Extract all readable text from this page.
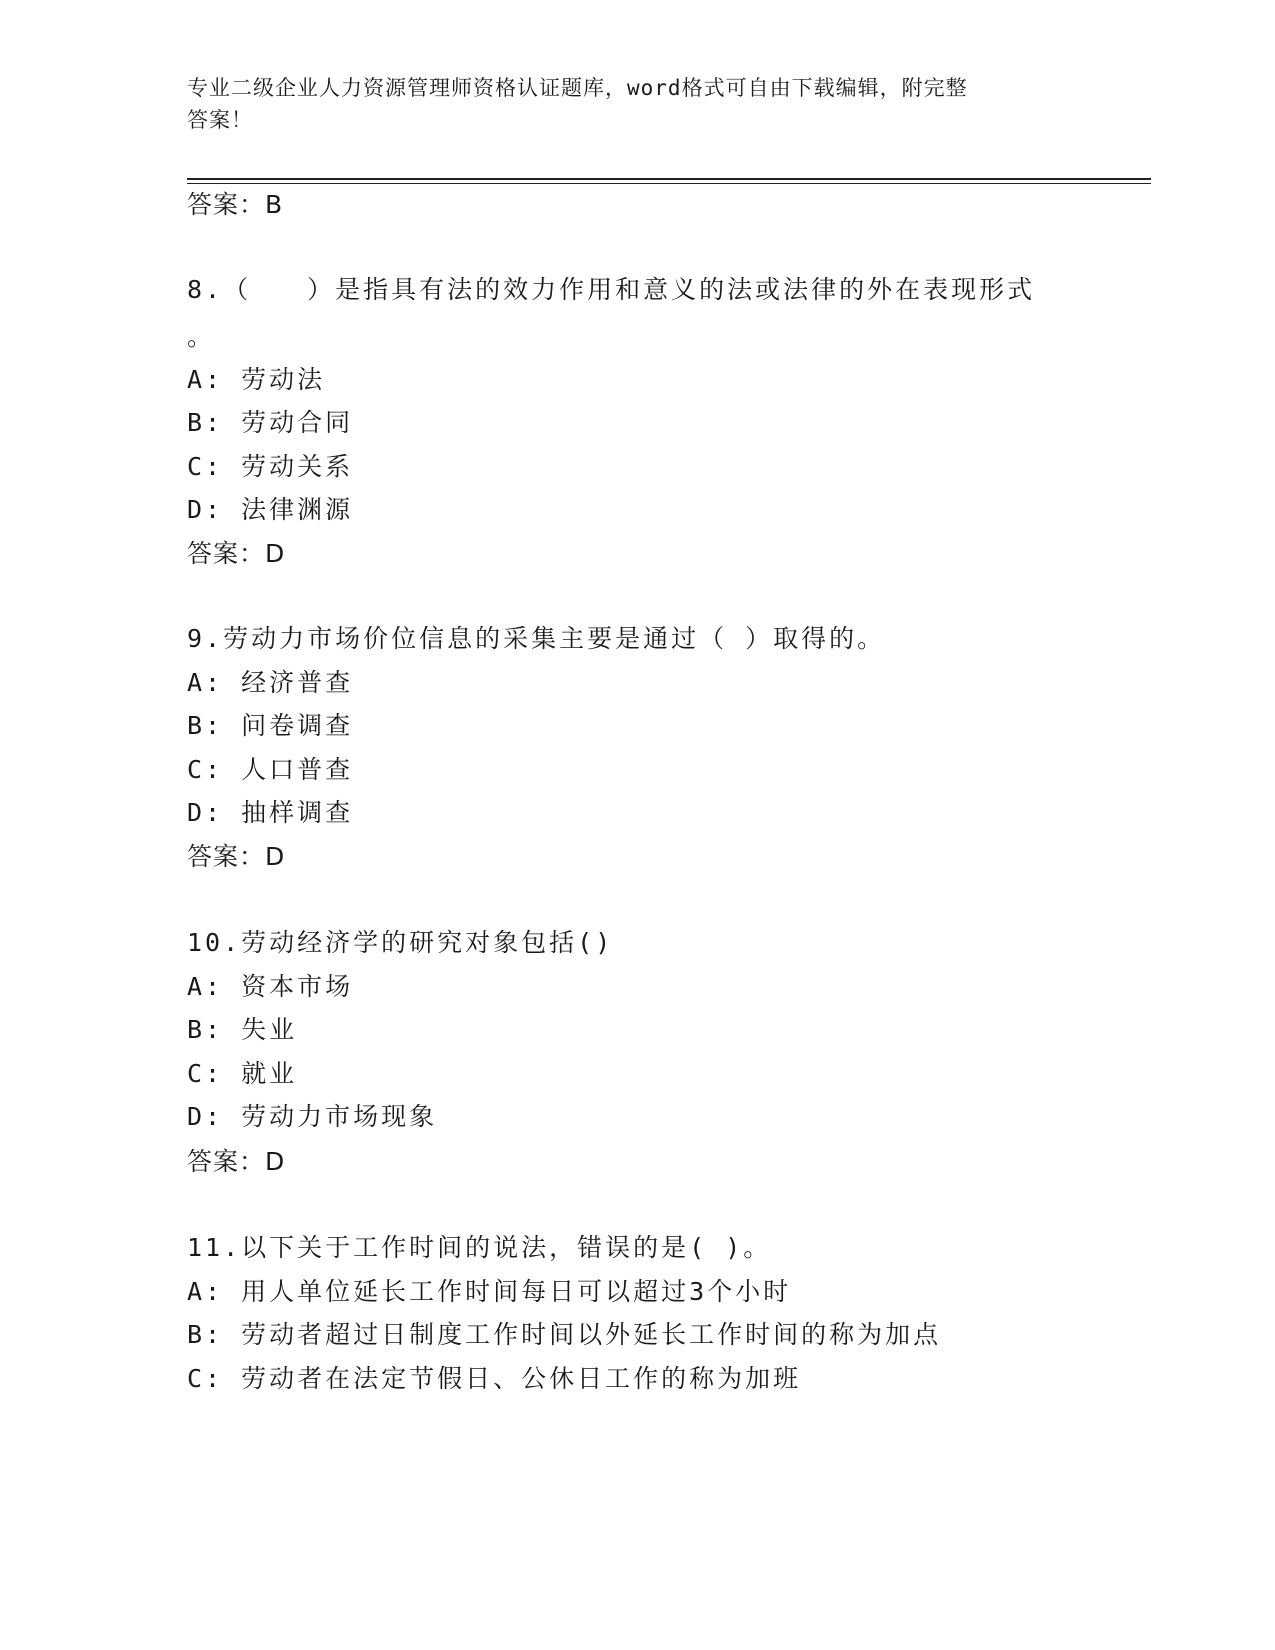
专业二级企业人力资源管理师资格认证题库，word格式可自由下载编辑，附完整
答案！
答案：B
8.（　　）是指具有法的效力作用和意义的法或法律的外在表现形式
。
A: 劳动法
B: 劳动合同
C: 劳动关系
D: 法律渊源
答案：D
9.劳动力市场价位信息的采集主要是通过（ ）取得的。
A: 经济普查
B: 问卷调查
C: 人口普查
D: 抽样调查
答案：D
10.劳动经济学的研究对象包括()
A: 资本市场
B: 失业
C: 就业
D: 劳动力市场现象
答案：D
11.以下关于工作时间的说法，错误的是( )。
A: 用人单位延长工作时间每日可以超过3个小时
B: 劳动者超过日制度工作时间以外延长工作时间的称为加点
C: 劳动者在法定节假日、公休日工作的称为加班
